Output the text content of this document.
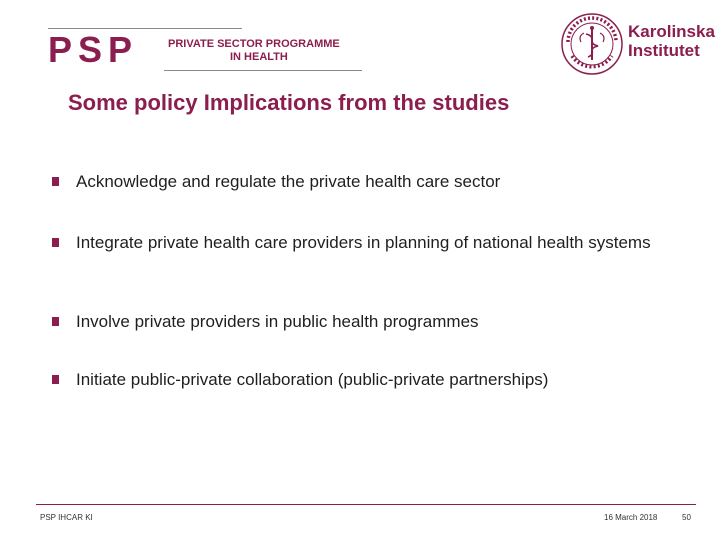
PSP	PRIVATE SECTOR PROGRAMME
IN HEALTH
Karolinska
Institutet
Some policy Implications from the studies
Acknowledge and regulate the private health care sector
Integrate private health care providers in planning of national health systems
Involve private providers in public health programmes
Initiate public-private collaboration (public-private partnerships)
PSP IHCAR KI	16 March 2018	50
